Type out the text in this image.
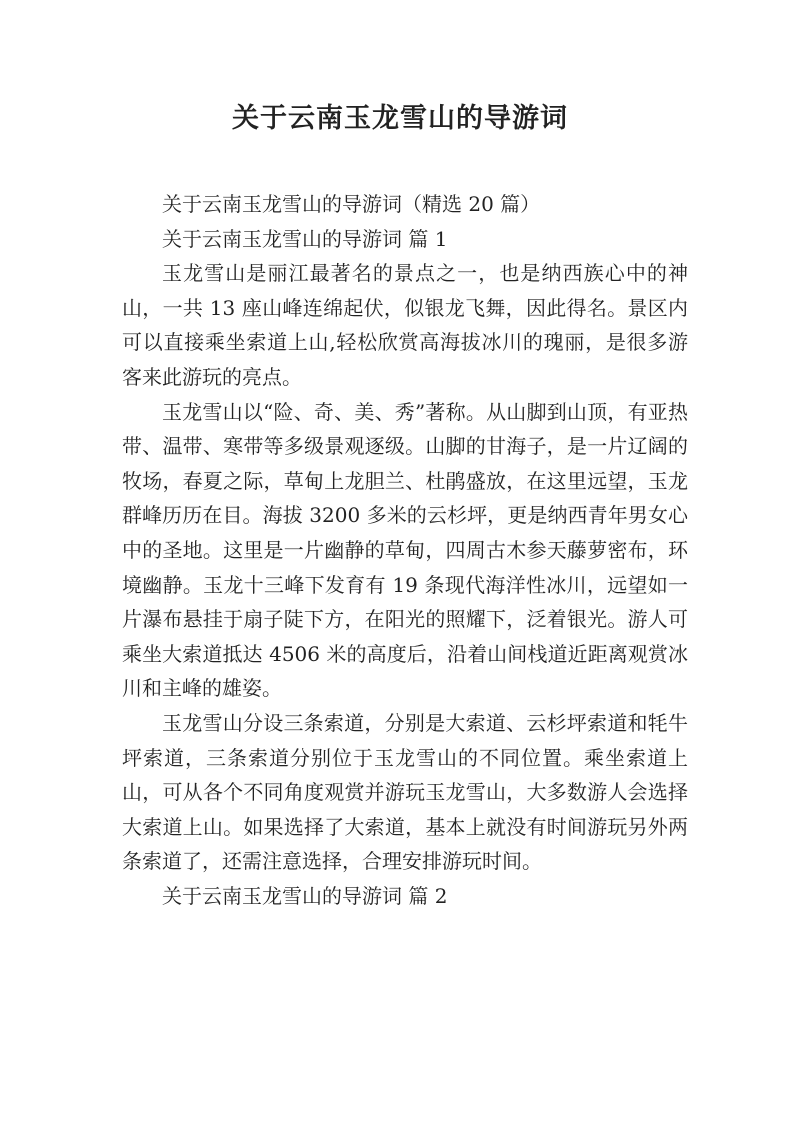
关于云南玉龙雪山的导游词

关于云南玉龙雪山的导游词（精选 20 篇）

关于云南玉龙雪山的导游词 篇 1

玉龙雪山是丽江最著名的景点之一，也是纳西族心中的神山，一共 13 座山峰连绵起伏，似银龙飞舞，因此得名。景区内可以直接乘坐索道上山,轻松欣赏高海拔冰川的瑰丽，是很多游客来此游玩的亮点。

玉龙雪山以“险、奇、美、秀”著称。从山脚到山顶，有亚热带、温带、寒带等多级景观逐级。山脚的甘海子，是一片辽阔的牧场，春夏之际，草甸上龙胆兰、杜鹃盛放，在这里远望，玉龙群峰历历在目。海拔 3200 多米的云杉坪，更是纳西青年男女心中的圣地。这里是一片幽静的草甸，四周古木参天藤萝密布，环境幽静。玉龙十三峰下发育有 19 条现代海洋性冰川，远望如一片瀑布悬挂于扇子陡下方，在阳光的照耀下，泛着银光。游人可乘坐大索道抵达 4506 米的高度后，沿着山间栈道近距离观赏冰川和主峰的雄姿。

玉龙雪山分设三条索道，分别是大索道、云杉坪索道和牦牛坪索道，三条索道分别位于玉龙雪山的不同位置。乘坐索道上山，可从各个不同角度观赏并游玩玉龙雪山，大多数游人会选择大索道上山。如果选择了大索道，基本上就没有时间游玩另外两条索道了，还需注意选择，合理安排游玩时间。

关于云南玉龙雪山的导游词 篇 2
